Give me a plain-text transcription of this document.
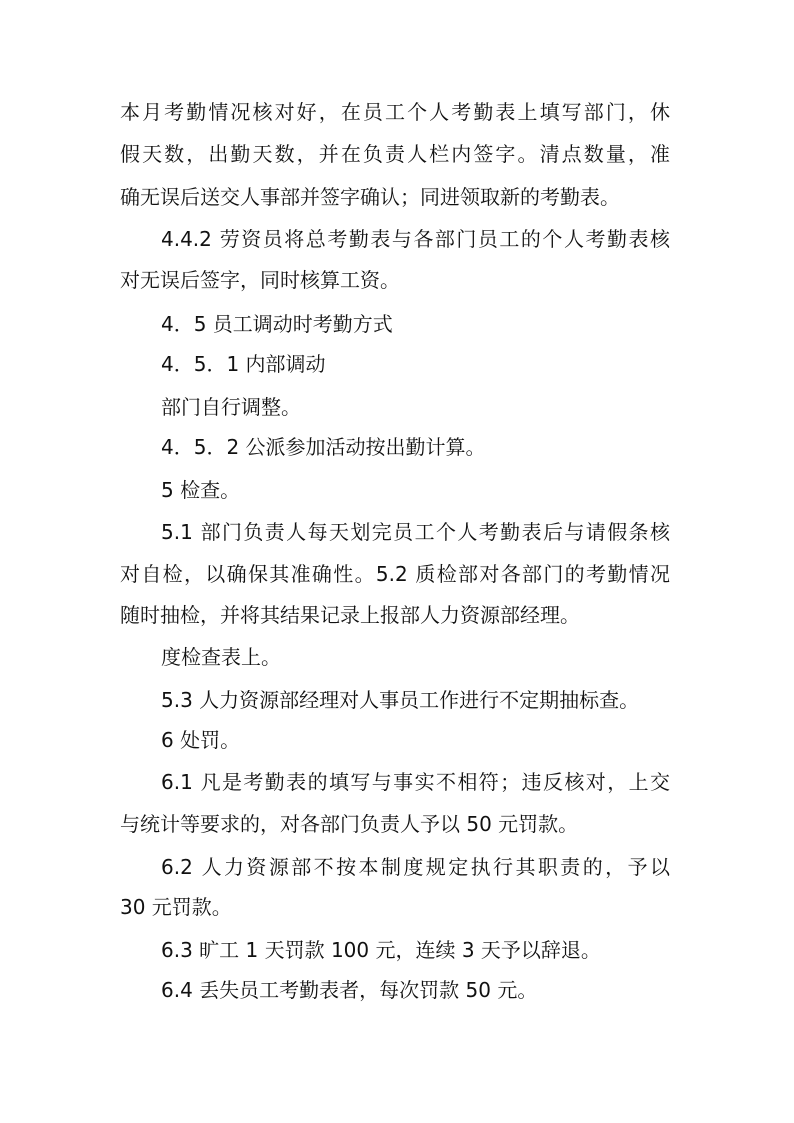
本月考勤情况核对好，在员工个人考勤表上填写部门，休
假天数，出勤天数，并在负责人栏内签字。清点数量，准
确无误后送交人事部并签字确认；同进领取新的考勤表。
4.4.2 劳资员将总考勤表与各部门员工的个人考勤表核
对无误后签字，同时核算工资。
4．5 员工调动时考勤方式
4．5．1 内部调动
部门自行调整。
4．5．2 公派参加活动按出勤计算。
5 检查。
5.1 部门负责人每天划完员工个人考勤表后与请假条核
对自检，以确保其准确性。5.2 质检部对各部门的考勤情况
随时抽检，并将其结果记录上报部人力资源部经理。
度检查表上。
5.3 人力资源部经理对人事员工作进行不定期抽标查。
6 处罚。
6.1 凡是考勤表的填写与事实不相符；违反核对，上交
与统计等要求的，对各部门负责人予以 50 元罚款。
6.2 人力资源部不按本制度规定执行其职责的，予以
30 元罚款。
6.3 旷工 1 天罚款 100 元，连续 3 天予以辞退。
6.4 丢失员工考勤表者，每次罚款 50 元。
